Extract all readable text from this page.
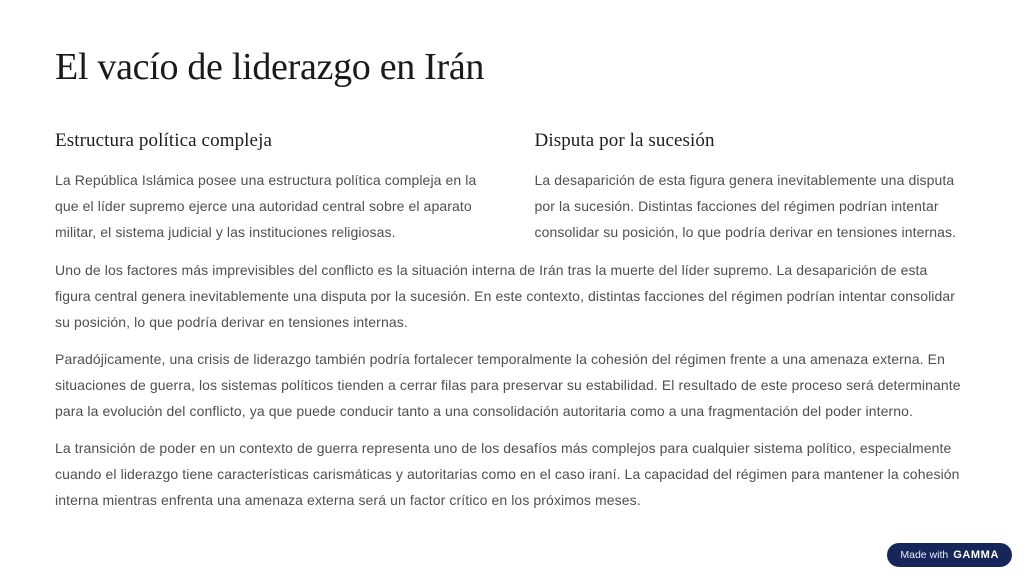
El vacío de liderazgo en Irán
Estructura política compleja

La República Islámica posee una estructura política compleja en la que el líder supremo ejerce una autoridad central sobre el aparato militar, el sistema judicial y las instituciones religiosas.

Disputa por la sucesión

La desaparición de esta figura genera inevitablemente una disputa por la sucesión. Distintas facciones del régimen podrían intentar consolidar su posición, lo que podría derivar en tensiones internas.

Uno de los factores más imprevisibles del conflicto es la situación interna de Irán tras la muerte del líder supremo. La desaparición de esta figura central genera inevitablemente una disputa por la sucesión. En este contexto, distintas facciones del régimen podrían intentar consolidar su posición, lo que podría derivar en tensiones internas.

Paradójicamente, una crisis de liderazgo también podría fortalecer temporalmente la cohesión del régimen frente a una amenaza externa. En situaciones de guerra, los sistemas políticos tienden a cerrar filas para preservar su estabilidad. El resultado de este proceso será determinante para la evolución del conflicto, ya que puede conducir tanto a una consolidación autoritaria como a una fragmentación del poder interno.

La transición de poder en un contexto de guerra representa uno de los desafíos más complejos para cualquier sistema político, especialmente cuando el liderazgo tiene características carismáticas y autoritarias como en el caso iraní. La capacidad del régimen para mantener la cohesión interna mientras enfrenta una amenaza externa será un factor crítico en los próximos meses.

Made with GAMMA
